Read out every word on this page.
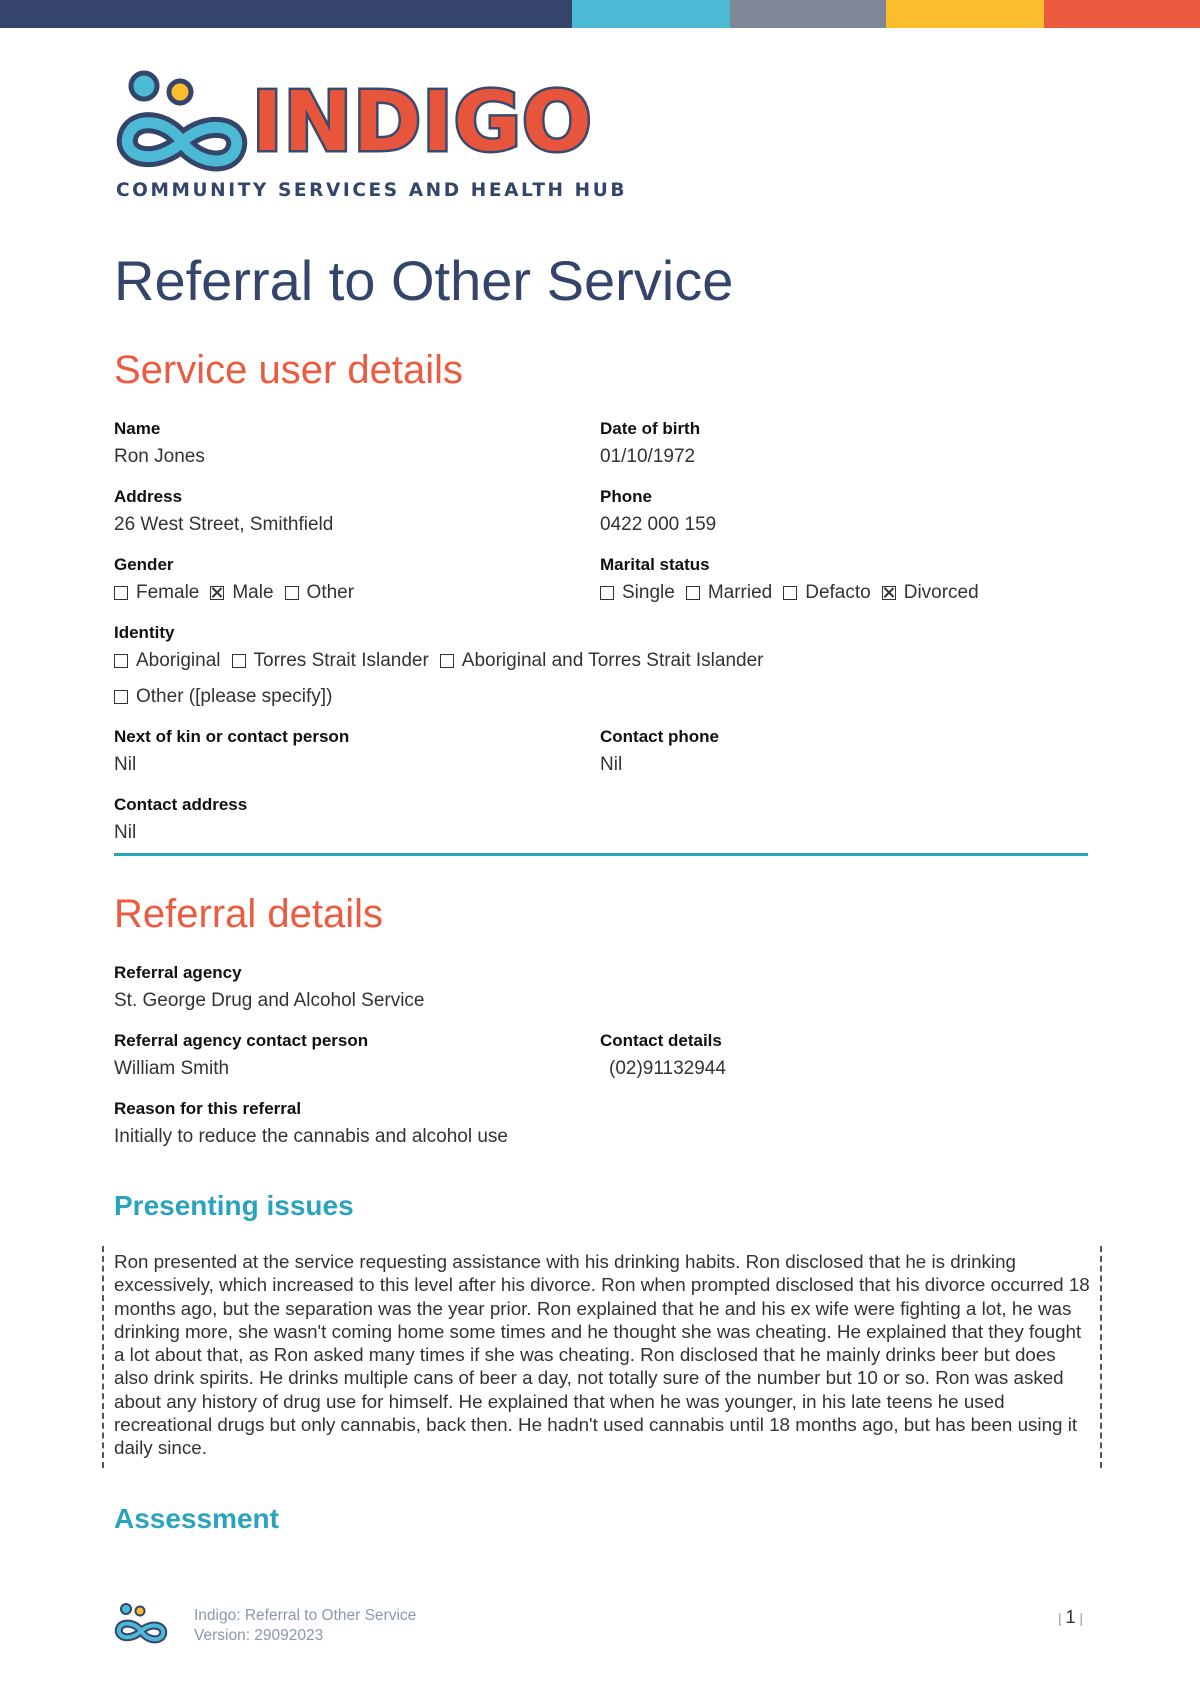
INDIGO
COMMUNITY SERVICES AND HEALTH HUB
Referral to Other Service
Service user details
Name
Ron Jones
Date of birth
01/10/1972
Address
26 West Street, Smithfield
Phone
0422 000 159
Gender
Female Male Other
Marital status
Single Married Defacto Divorced
Identity
Aboriginal Torres Strait Islander Aboriginal and Torres Strait Islander
Other ([please specify])
Next of kin or contact person
Nil
Contact phone
Nil
Contact address
Nil
Referral details
Referral agency
St. George Drug and Alcohol Service
Referral agency contact person
William Smith
Contact details
(02)91132944
Reason for this referral
Initially to reduce the cannabis and alcohol use
Presenting issues
Ron presented at the service requesting assistance with his drinking habits. Ron disclosed that he is drinking excessively, which increased to this level after his divorce. Ron when prompted disclosed that his divorce occurred 18 months ago, but the separation was the year prior. Ron explained that he and his ex wife were fighting a lot, he was drinking more, she wasn't coming home some times and he thought she was cheating. He explained that they fought a lot about that, as Ron asked many times if she was cheating. Ron disclosed that he mainly drinks beer but does also drink spirits. He drinks multiple cans of beer a day, not totally sure of the number but 10 or so. Ron was asked about any history of drug use for himself. He explained that when he was younger, in his late teens he used recreational drugs but only cannabis, back then. He hadn't used cannabis until 18 months ago, but has been using it daily since.
Assessment
Indigo: Referral to Other Service
Version: 29092023
| 1 |
